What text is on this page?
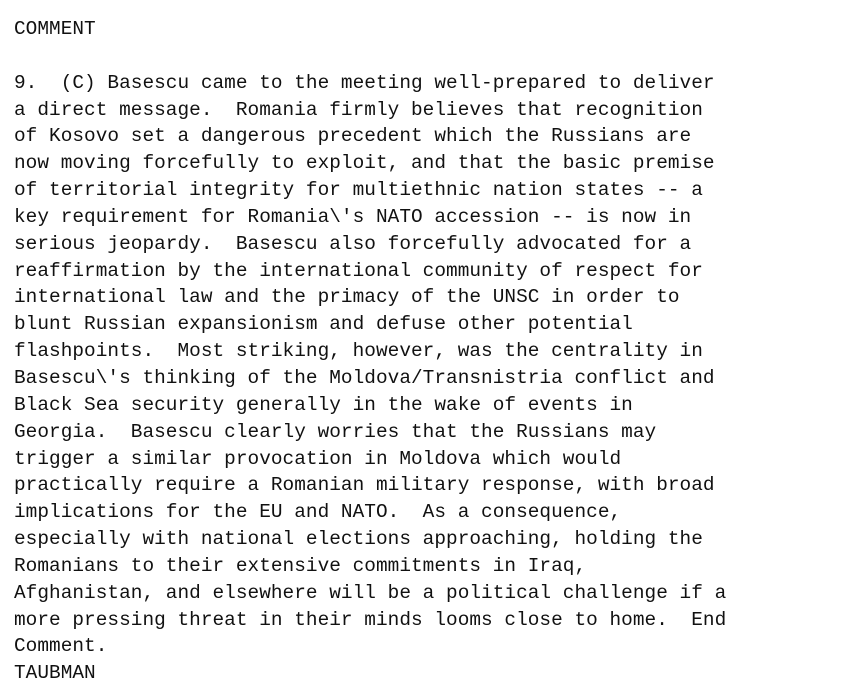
COMMENT
9.  (C) Basescu came to the meeting well-prepared to deliver
a direct message.  Romania firmly believes that recognition
of Kosovo set a dangerous precedent which the Russians are
now moving forcefully to exploit, and that the basic premise
of territorial integrity for multiethnic nation states -- a
key requirement for Romania\'s NATO accession -- is now in
serious jeopardy.  Basescu also forcefully advocated for a
reaffirmation by the international community of respect for
international law and the primacy of the UNSC in order to
blunt Russian expansionism and defuse other potential
flashpoints.  Most striking, however, was the centrality in
Basescu\'s thinking of the Moldova/Transnistria conflict and
Black Sea security generally in the wake of events in
Georgia.  Basescu clearly worries that the Russians may
trigger a similar provocation in Moldova which would
practically require a Romanian military response, with broad
implications for the EU and NATO.  As a consequence,
especially with national elections approaching, holding the
Romanians to their extensive commitments in Iraq,
Afghanistan, and elsewhere will be a political challenge if a
more pressing threat in their minds looms close to home.  End
Comment.
TAUBMAN
